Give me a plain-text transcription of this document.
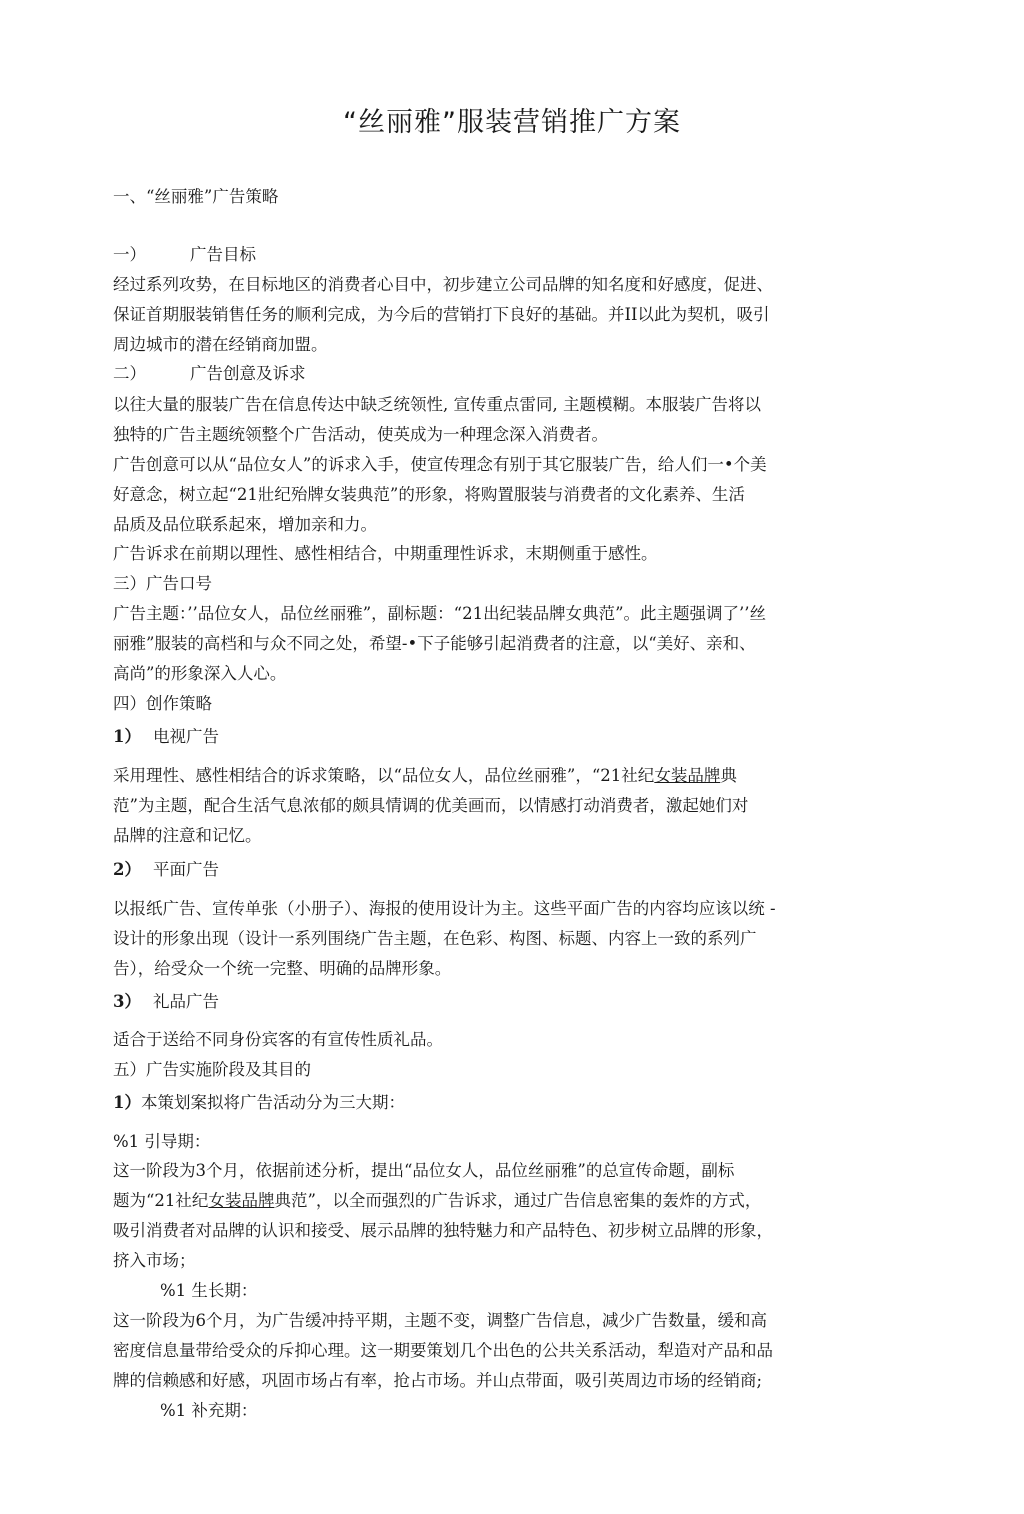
“丝丽雅”服装营销推广方案
一、“丝丽雅”广告策略
一）	广告目标
经过系列攻势，在目标地区的消费者心目中，初步建立公司品牌的知名度和好感度，促进、
保证首期服装销售任务的顺利完成，为今后的营销打下良好的基础。并II以此为契机，吸引
周边城市的潜在经销商加盟。
二）	广告创意及诉求
以往大量的服装广告在信息传达中缺乏统领性, 宣传重点雷同, 主题模糊。本服装广告将以
独特的广告主题统领整个广告活动，使英成为一种理念深入消费者。
广告创意可以从“品位女人”的诉求入手，使宣传理念有别于其它服装广告，给人们一•个美
好意念，树立起“21壯纪殆牌女装典范”的形象，将购置服装与消费者的文化素养、生活
品质及品位联系起來，增加亲和力。
广告诉求在前期以理性、感性相结合，中期重理性诉求，末期侧重于感性。
三）广告口号
广告主题：’’品位女人，品位丝丽雅”，副标题：“21出纪装品牌女典范”。此主题强调了’’丝
丽雅”服装的高档和与众不同之处，希望-•下子能够引起消费者的注意，以“美好、亲和、
高尚”的形象深入人心。
四）创作策略
1） 电视广告
采用理性、感性相结合的诉求策略，以“品位女人，品位丝丽雅”，“21社纪女装品牌典
范”为主题，配合生活气息浓郁的颇具情调的优美画而，以情感打动消费者，激起她们对
品牌的注意和记忆。
2） 平面广告
以报纸广告、宣传单张（小册子）、海报的使用设计为主。这些平面广告的内容均应该以统 -
设计的形象出现（设计一系列围绕广告主题，在色彩、构图、标题、内容上一致的系列广
告），给受众一个统一完整、明确的品牌形象。
3） 礼品广告
适合于送给不同身份宾客的有宣传性质礼品。
五）广告实施阶段及其目的
1）本策划案拟将广告活动分为三大期：
%1 引导期：
这一阶段为3个月，依据前述分析，提出“品位女人，品位丝丽雅”的总宣传命题，副标
题为“21社纪女装品牌典范”，以全而强烈的广告诉求，通过广告信息密集的轰炸的方式，
吸引消费者对品牌的认识和接受、展示品牌的独特魅力和产品特色、初步树立品牌的形象，
挤入市场；
%1 生长期：
这一阶段为6个月，为广告缓冲持平期，主题不变，调整广告信息，减少广告数量，缓和高
密度信息量带给受众的斥抑心理。这一期要策划几个出色的公共关系活动，犁造对产品和品
牌的信赖感和好感，巩固市场占有率，抢占市场。并山点带面，吸引英周边市场的经销商;
%1 补充期：
